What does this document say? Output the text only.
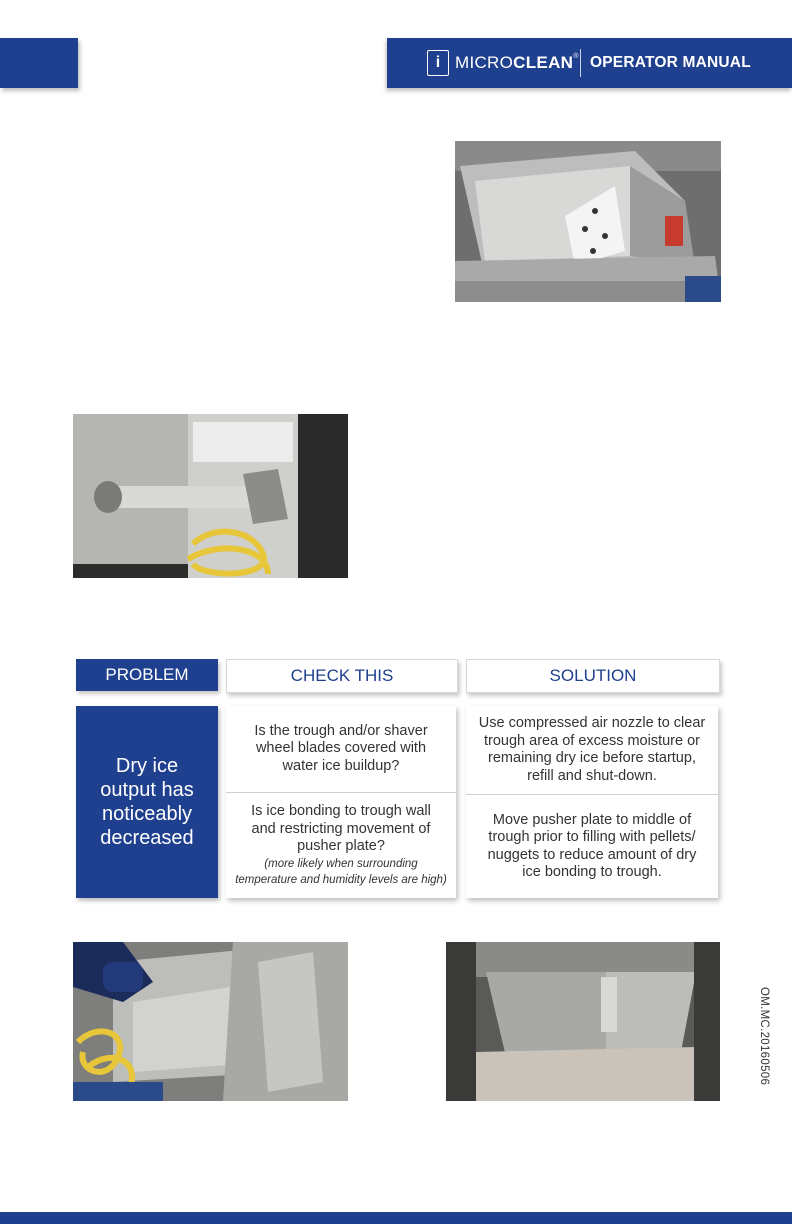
i MICROCLEAN® OPERATOR MANUAL
PROBLEM	CHECK THIS	SOLUTION
Dry ice
output has
noticeably
decreased
Is the trough and/or shaver
wheel blades covered with
water ice buildup?
Is ice bonding to trough wall
and restricting movement of
pusher plate?
(more likely when surrounding
temperature and humidity levels are high)
Use compressed air nozzle to clear
trough area of excess moisture or
remaining dry ice before startup,
refill and shut-down.
Move pusher plate to middle of
trough prior to filling with pellets/
nuggets to reduce amount of dry
ice bonding to trough.
OM.MC.20160506
